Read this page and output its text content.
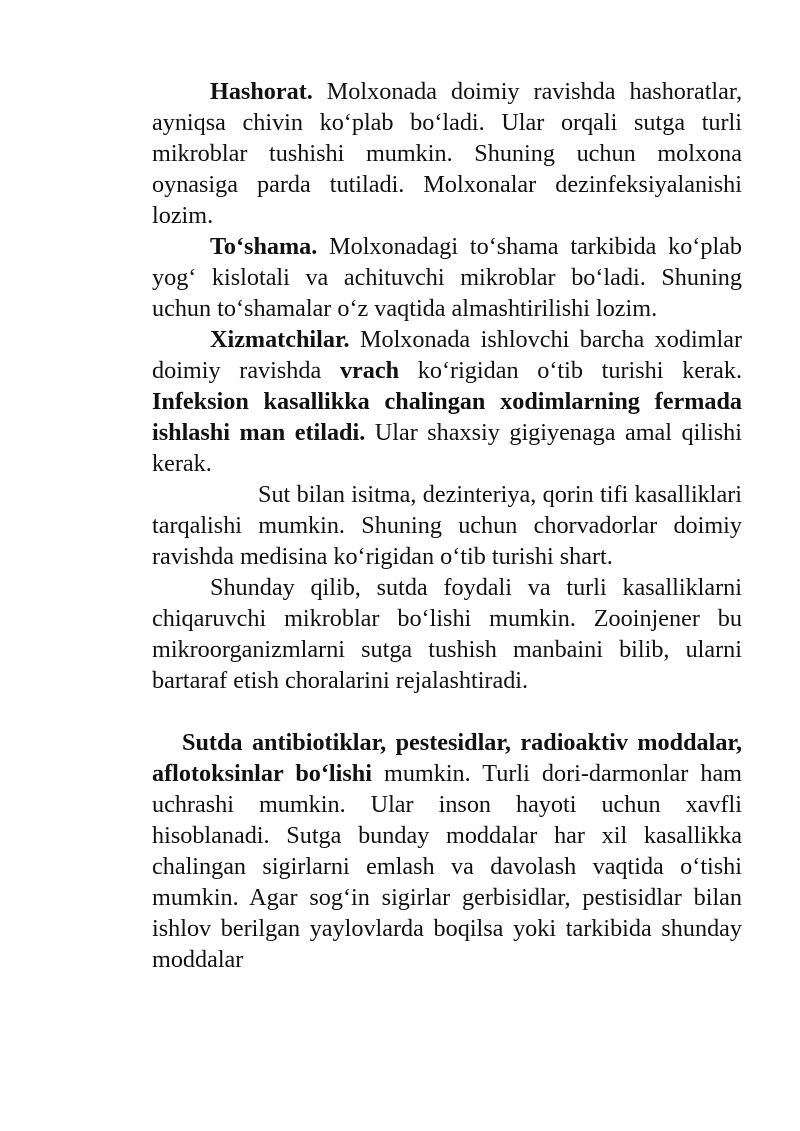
Hashorat. Molxonada doimiy ravishda hashoratlar, ayniqsa chivin ko‘plab bo‘ladi. Ular orqali sutga turli mikroblar tushishi mumkin. Shuning uchun molxona oynasiga parda tutiladi. Molxonalar dezinfeksiyalanishi lozim.

To‘shama. Molxonadagi to‘shama tarkibida ko‘plab yog‘ kislotali va achituvchi mikroblar bo‘ladi. Shuning uchun to‘shamalar o‘z vaqtida almashtirilishi lozim.

Xizmatchilar. Molxonada ishlovchi barcha xodimlar doimiy ravishda vrach ko‘rigidan o‘tib turishi kerak. Infeksion kasallikka chalingan xodimlarning fermada ishlashi man etiladi. Ular shaxsiy gigiyenaga amal qilishi kerak.

Sut bilan isitma, dezinteriya, qorin tifi kasalliklari tarqalishi mumkin. Shuning uchun chorvadorlar doimiy ravishda medisina ko‘rigidan o‘tib turishi shart.

Shunday qilib, sutda foydali va turli kasalliklarni chiqaruvchi mikroblar bo‘lishi mumkin. Zooinjener bu mikroorganizmlarni sutga tushish manbaini bilib, ularni bartaraf etish choralarini rejalashtiradi.

Sutda antibiotiklar, pestesidlar, radioaktiv moddalar, aflotoksinlar bo‘lishi mumkin. Turli dori-darmonlar ham uchrashi mumkin. Ular inson hayoti uchun xavfli hisoblanadi. Sutga bunday moddalar har xil kasallikka chalingan sigirlarni emlash va davolash vaqtida o‘tishi mumkin. Agar sog‘in sigirlar gerbisidlar, pestisidlar bilan ishlov berilgan yaylovlarda boqilsa yoki tarkibida shunday moddalar
